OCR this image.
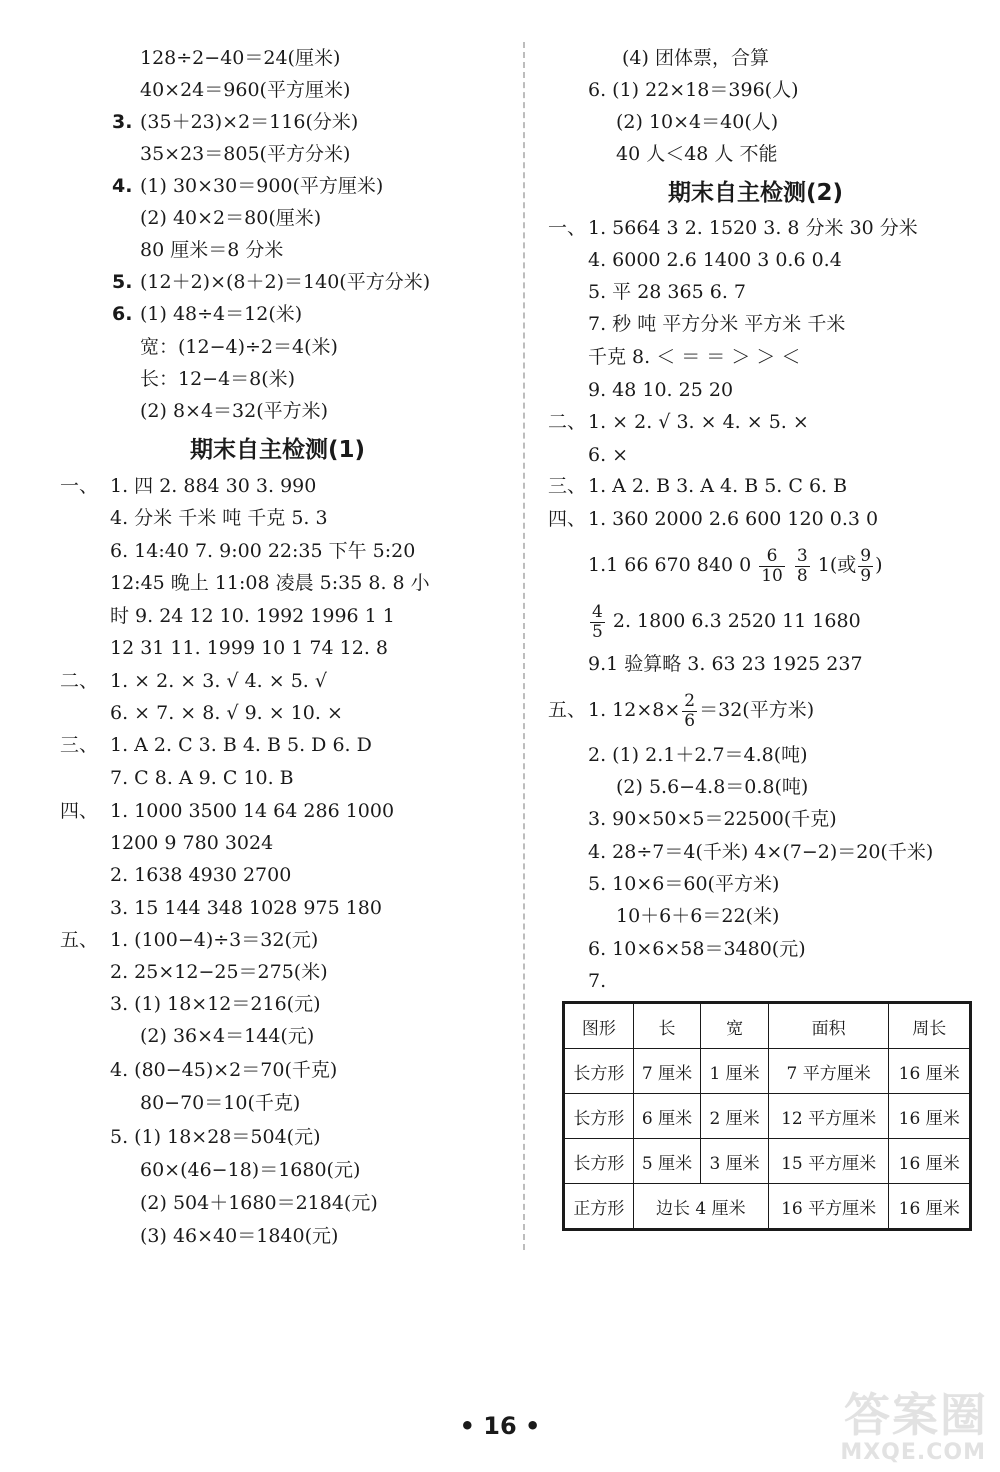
128÷2−40＝24(厘米)
40×24＝960(平方厘米)
3. (35＋23)×2＝116(分米)
35×23＝805(平方分米)
4. (1) 30×30＝900(平方厘米)
(2) 40×2＝80(厘米)
80 厘米＝8 分米
5. (12＋2)×(8＋2)＝140(平方分米)
6. (1) 48÷4＝12(米)
宽：(12−4)÷2＝4(米)
长：12−4＝8(米)
(2) 8×4＝32(平方米)
期末自主检测(1)
一、 1. 四 2. 884 30 3. 990
4. 分米 千米 吨 千克 5. 3
6. 14:40 7. 9:00 22:35 下午 5:20
12:45 晚上 11:08 凌晨 5:35 8. 8 小
时 9. 24 12 10. 1992 1996 1 1
12 31 11. 1999 10 1 74 12. 8
二、 1. × 2. × 3. √ 4. × 5. √
6. × 7. × 8. √ 9. × 10. ×
三、 1. A 2. C 3. B 4. B 5. D 6. D
7. C 8. A 9. C 10. B
四、 1. 1000 3500 14 64 286 1000
1200 9 780 3024
2. 1638 4930 2700
3. 15 144 348 1028 975 180
五、 1. (100−4)÷3＝32(元)
2. 25×12−25＝275(米)
3. (1) 18×12＝216(元)
(2) 36×4＝144(元)
4. (80−45)×2＝70(千克)
80−70＝10(千克)
5. (1) 18×28＝504(元)
60×(46−18)＝1680(元)
(2) 504＋1680＝2184(元)
(3) 46×40＝1840(元)
(4) 团体票，合算
6. (1) 22×18＝396(人)
(2) 10×4＝40(人)
40 人＜48 人 不能
期末自主检测(2)
一、 1. 5664 3 2. 1520 3. 8 分米 30 分米
4. 6000 2.6 1400 3 0.6 0.4
5. 平 28 365 6. 7
7. 秒 吨 平方分米 平方米 千米
千克 8. ＜ ＝ ＝ ＞ ＞ ＜
9. 48 10. 25 20
二、 1. × 2. √ 3. × 4. × 5. ×
6. ×
三、 1. A 2. B 3. A 4. B 5. C 6. B
四、 1. 360 2000 2.6 600 120 0.3 0
1.1 66 670 840 $0 \frac{6}{10}$
$\frac{3}{8} 1$(或 $\frac{9}{9}$ )
$\frac{4}{5} 2$. 1800 6.3 2520 11 1680
9.1 验算略 3. 63 23 1925 237
五、 1. $12\times 8\times \frac{2}{6} =32$(平方米)
2. (1) 2.1＋2.7＝4.8(吨)
(2) 5.6−4.8＝0.8(吨)
3. 90×50×5＝22500(千克)
4. 28÷7＝4(千米) 4×(7−2)＝20(千米)
5. 10×6＝60(平方米)
10＋6＋6＝22(米)
6. 10×6×58＝3480(元)
7.
图形	长	宽	面积	周长
长方形	7 厘米	1 厘米	7 平方厘米	16 厘米
长方形	6 厘米	2 厘米	12 平方厘米	16 厘米
长方形	5 厘米	3 厘米	15 平方厘米	16 厘米
正方形	边长 4 厘米		16 平方厘米	16 厘米
• 16 •	答案圈
MXQE.COM
